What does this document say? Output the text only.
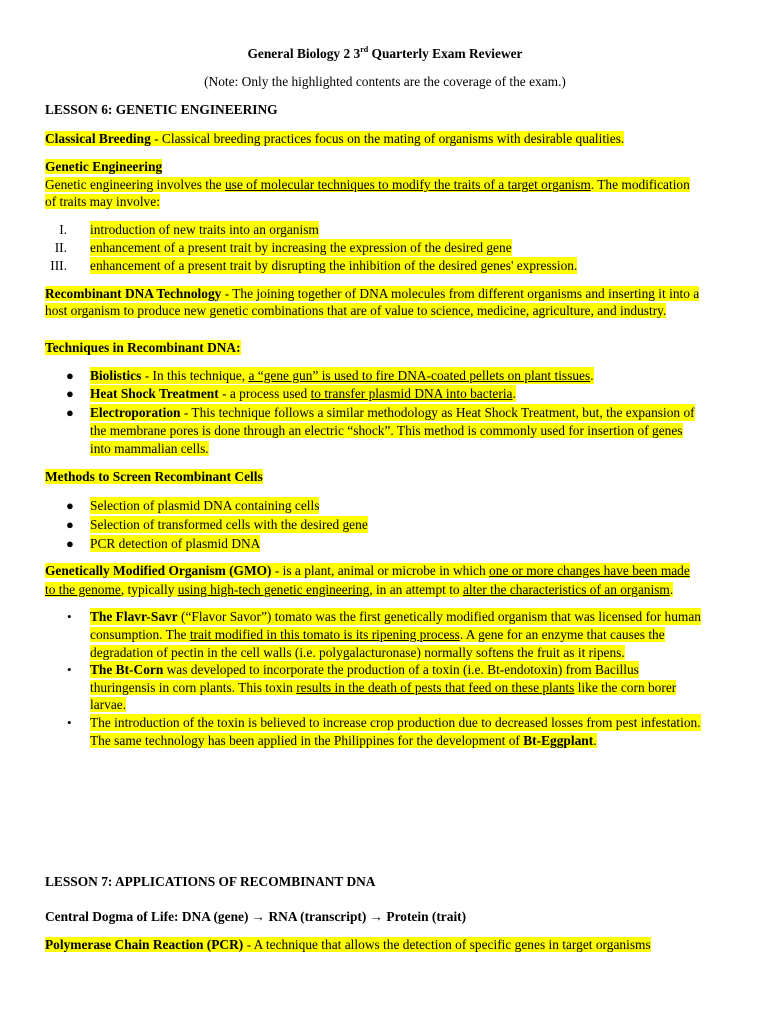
General Biology 2 3rd Quarterly Exam Reviewer
(Note: Only the highlighted contents are the coverage of the exam.)
LESSON 6: GENETIC ENGINEERING
Classical Breeding - Classical breeding practices focus on the mating of organisms with desirable qualities.
Genetic Engineering
Genetic engineering involves the use of molecular techniques to modify the traits of a target organism. The modification
of traits may involve:
I. introduction of new traits into an organism
II. enhancement of a present trait by increasing the expression of the desired gene
III. enhancement of a present trait by disrupting the inhibition of the desired genes' expression.
Recombinant DNA Technology - The joining together of DNA molecules from different organisms and inserting it into a
host organism to produce new genetic combinations that are of value to science, medicine, agriculture, and industry.
Techniques in Recombinant DNA:
● Biolistics - In this technique, a “gene gun” is used to fire DNA-coated pellets on plant tissues.
● Heat Shock Treatment - a process used to transfer plasmid DNA into bacteria.
● Electroporation - This technique follows a similar methodology as Heat Shock Treatment, but, the expansion of
the membrane pores is done through an electric “shock”. This method is commonly used for insertion of genes
into mammalian cells.
Methods to Screen Recombinant Cells
● Selection of plasmid DNA containing cells
● Selection of transformed cells with the desired gene
● PCR detection of plasmid DNA
Genetically Modified Organism (GMO) - is a plant, animal or microbe in which one or more changes have been made
to the genome, typically using high-tech genetic engineering, in an attempt to alter the characteristics of an organism.
• The Flavr-Savr (“Flavor Savor”) tomato was the first genetically modified organism that was licensed for human
consumption. The trait modified in this tomato is its ripening process. A gene for an enzyme that causes the
degradation of pectin in the cell walls (i.e. polygalacturonase) normally softens the fruit as it ripens.
• The Bt-Corn was developed to incorporate the production of a toxin (i.e. Bt-endotoxin) from Bacillus
thuringensis in corn plants. This toxin results in the death of pests that feed on these plants like the corn borer
larvae.
• The introduction of the toxin is believed to increase crop production due to decreased losses from pest infestation.
The same technology has been applied in the Philippines for the development of Bt-Eggplant.
LESSON 7: APPLICATIONS OF RECOMBINANT DNA
Central Dogma of Life: DNA (gene) → RNA (transcript) → Protein (trait)
Polymerase Chain Reaction (PCR) - A technique that allows the detection of specific genes in target organisms
